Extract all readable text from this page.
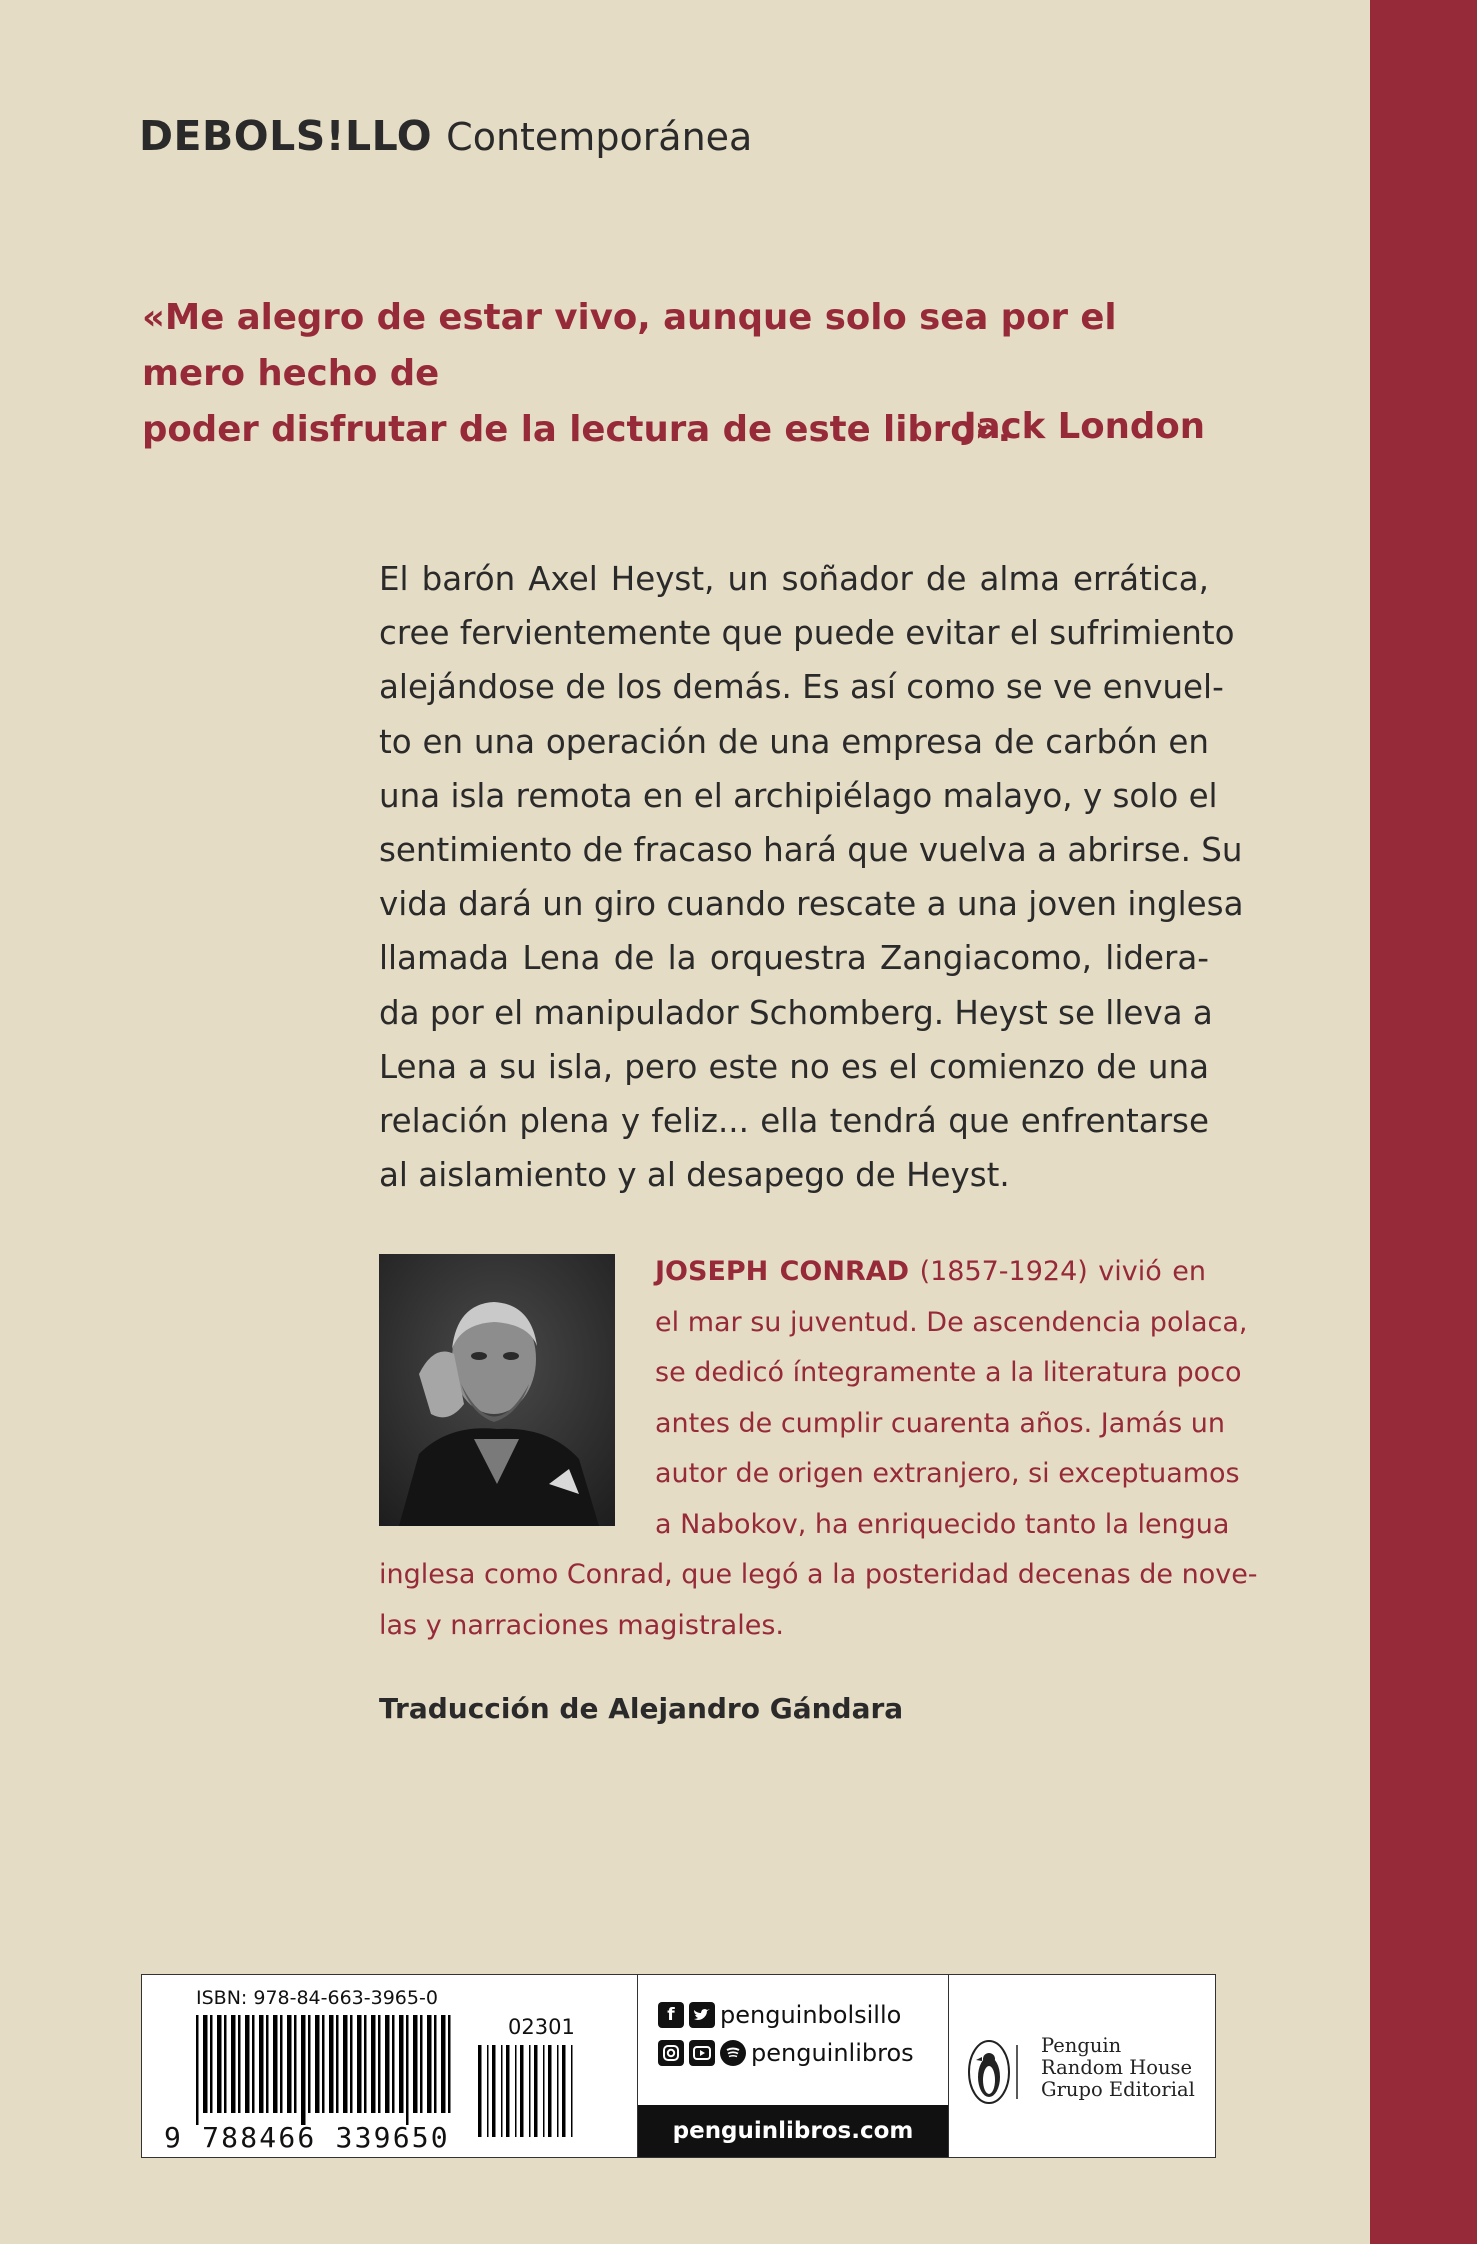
DEBOLS!LLO Contemporánea
«Me alegro de estar vivo, aunque solo sea por el mero hecho de
poder disfrutar de la lectura de este libro».
Jack London
El barón Axel Heyst, un soñador de alma errática,
cree fervientemente que puede evitar el sufrimiento
alejándose de los demás. Es así como se ve envuel-
to en una operación de una empresa de carbón en
una isla remota en el archipiélago malayo, y solo el
sentimiento de fracaso hará que vuelva a abrirse. Su
vida dará un giro cuando rescate a una joven inglesa
llamada Lena de la orquestra Zangiacomo, lidera-
da por el manipulador Schomberg. Heyst se lleva a
Lena a su isla, pero este no es el comienzo de una
relación plena y feliz... ella tendrá que enfrentarse
al aislamiento y al desapego de Heyst.
JOSEPH CONRAD (1857-1924) vivió en
el mar su juventud. De ascendencia polaca,
se dedicó íntegramente a la literatura poco
antes de cumplir cuarenta años. Jamás un
autor de origen extranjero, si exceptuamos
a Nabokov, ha enriquecido tanto la lengua
inglesa como Conrad, que legó a la posteridad decenas de nove-
las y narraciones magistrales.
Traducción de Alejandro Gándara
ISBN: 978-84-663-3965-0
9 788466 339650
02301	f	penguinbolsillo
penguinlibros
penguinlibros.com
Penguin
Random House
Grupo Editorial
